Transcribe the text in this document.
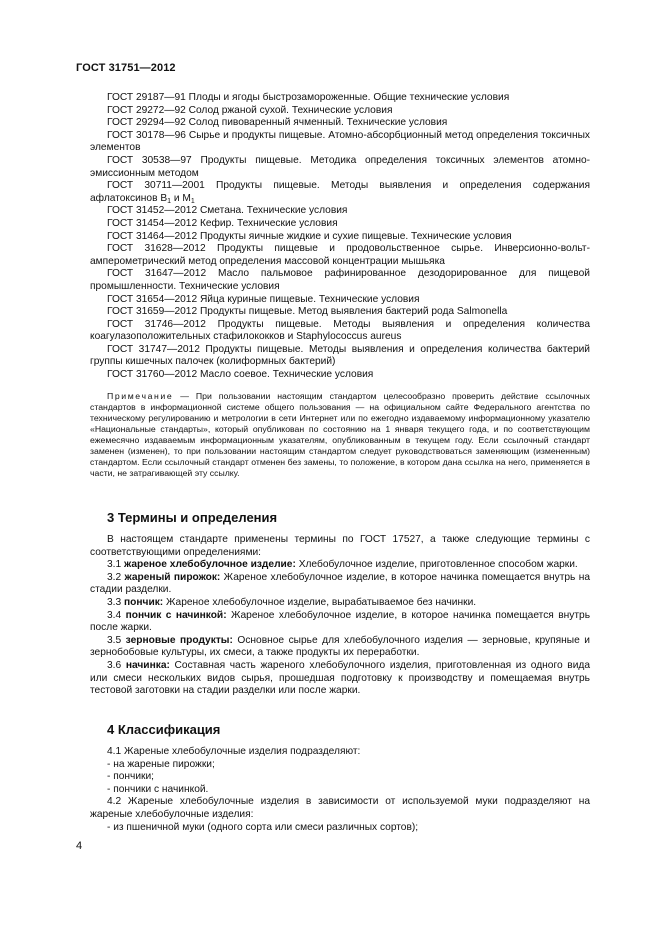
ГОСТ 31751—2012

ГОСТ 29187—91 Плоды и ягоды быстрозамороженные. Общие технические условия

ГОСТ 29272—92 Солод ржаной сухой. Технические условия

ГОСТ 29294—92 Солод пивоваренный ячменный. Технические условия

ГОСТ 30178—96 Сырье и продукты пищевые. Атомно-абсорбционный метод определения токсичных элементов

ГОСТ 30538—97 Продукты пищевые. Методика определения токсичных элементов атомно-эмиссионным методом

ГОСТ 30711—2001 Продукты пищевые. Методы выявления и определения содержания афлатоксинов $B_1$ и $M_1$

ГОСТ 31452—2012 Сметана. Технические условия

ГОСТ 31454—2012 Кефир. Технические условия

ГОСТ 31464—2012 Продукты яичные жидкие и сухие пищевые. Технические условия

ГОСТ 31628—2012 Продукты пищевые и продовольственное сырье. Инверсионно-вольт-амперометрический метод определения массовой концентрации мышьяка

ГОСТ 31647—2012 Масло пальмовое рафинированное дезодорированное для пищевой промышленности. Технические условия

ГОСТ 31654—2012 Яйца куриные пищевые. Технические условия

ГОСТ 31659—2012 Продукты пищевые. Метод выявления бактерий рода Salmonella

ГОСТ 31746—2012 Продукты пищевые. Методы выявления и определения количества коагулазоположительных стафилококков и Staphylococcus aureus

ГОСТ 31747—2012 Продукты пищевые. Методы выявления и определения количества бактерий группы кишечных палочек (колиформных бактерий)

ГОСТ 31760—2012 Масло соевое. Технические условия

Примечание — При пользовании настоящим стандартом целесообразно проверить действие ссылочных стандартов в информационной системе общего пользования — на официальном сайте Федерального агентства по техническому регулированию и метрологии в сети Интернет или по ежегодно издаваемому информационному указателю «Национальные стандарты», который опубликован по состоянию на 1 января текущего года, и по соответствующим ежемесячно издаваемым информационным указателям, опубликованным в текущем году. Если ссылочный стандарт заменен (изменен), то при пользовании настоящим стандартом следует руководствоваться заменяющим (измененным) стандартом. Если ссылочный стандарт отменен без замены, то положение, в котором дана ссылка на него, применяется в части, не затрагивающей эту ссылку.

3 Термины и определения

В настоящем стандарте применены термины по ГОСТ 17527, а также следующие термины с соответствующими определениями:

3.1 жареное хлебобулочное изделие: Хлебобулочное изделие, приготовленное способом жарки.

3.2 жареный пирожок: Жареное хлебобулочное изделие, в которое начинка помещается внутрь на стадии разделки.

3.3 пончик: Жареное хлебобулочное изделие, вырабатываемое без начинки.

3.4 пончик с начинкой: Жареное хлебобулочное изделие, в которое начинка помещается внутрь после жарки.

3.5 зерновые продукты: Основное сырье для хлебобулочного изделия — зерновые, крупяные и зернобобовые культуры, их смеси, а также продукты их переработки.

3.6 начинка: Составная часть жареного хлебобулочного изделия, приготовленная из одного вида или смеси нескольких видов сырья, прошедшая подготовку к производству и помещаемая внутрь тестовой заготовки на стадии разделки или после жарки.

4 Классификация

4.1 Жареные хлебобулочные изделия подразделяют:

- на жареные пирожки;

- пончики;

- пончики с начинкой.

4.2 Жареные хлебобулочные изделия в зависимости от используемой муки подразделяют на жареные хлебобулочные изделия:

- из пшеничной муки (одного сорта или смеси различных сортов);

4
